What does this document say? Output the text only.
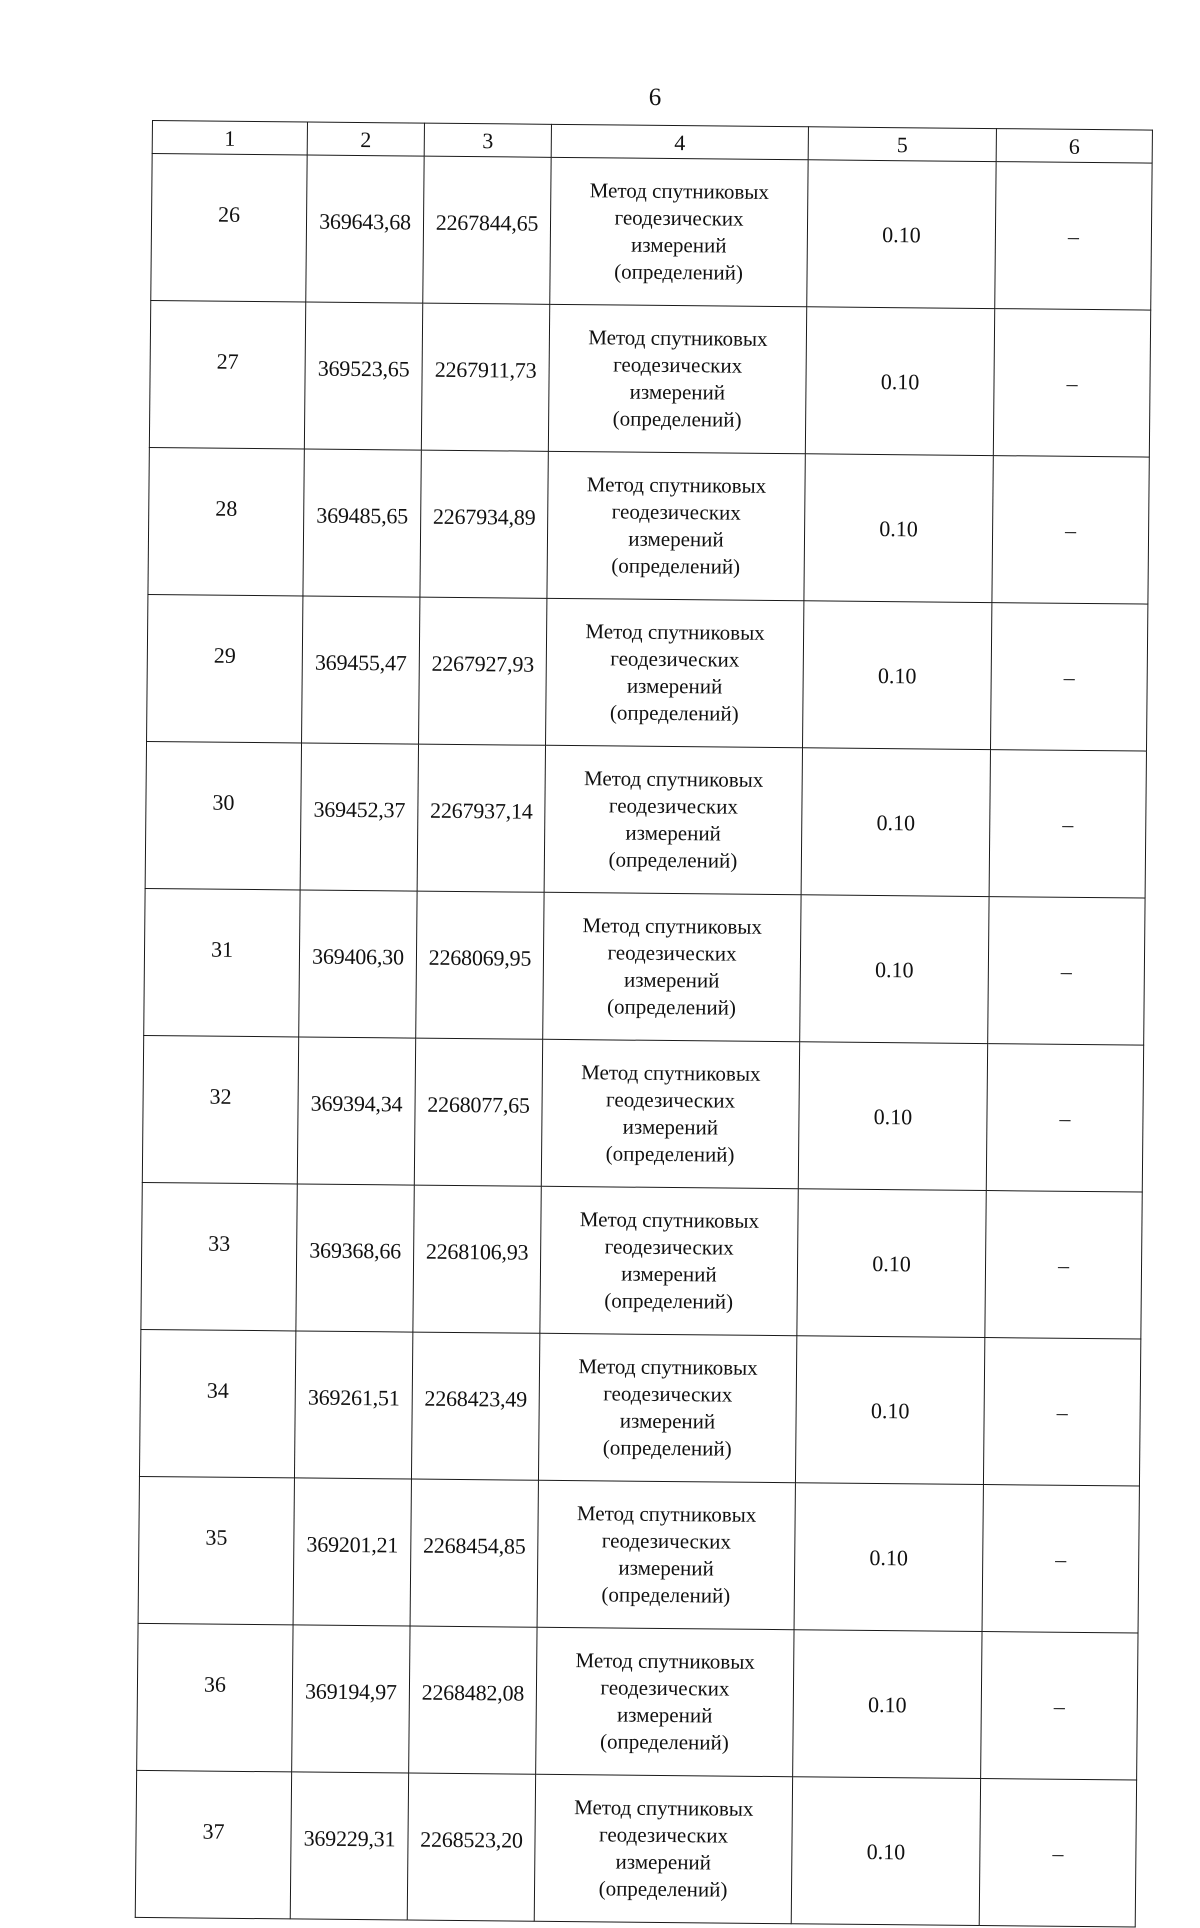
6
1	2	3	4	5	6
26	369643,68	2267844,65	Метод спутниковых
геодезических
измерений
(определений)	0.10	–
27	369523,65	2267911,73	Метод спутниковых
геодезических
измерений
(определений)	0.10	–
28	369485,65	2267934,89	Метод спутниковых
геодезических
измерений
(определений)	0.10	–
29	369455,47	2267927,93	Метод спутниковых
геодезических
измерений
(определений)	0.10	–
30	369452,37	2267937,14	Метод спутниковых
геодезических
измерений
(определений)	0.10	–
31	369406,30	2268069,95	Метод спутниковых
геодезических
измерений
(определений)	0.10	–
32	369394,34	2268077,65	Метод спутниковых
геодезических
измерений
(определений)	0.10	–
33	369368,66	2268106,93	Метод спутниковых
геодезических
измерений
(определений)	0.10	–
34	369261,51	2268423,49	Метод спутниковых
геодезических
измерений
(определений)	0.10	–
35	369201,21	2268454,85	Метод спутниковых
геодезических
измерений
(определений)	0.10	–
36	369194,97	2268482,08	Метод спутниковых
геодезических
измерений
(определений)	0.10	–
37	369229,31	2268523,20	Метод спутниковых
геодезических
измерений
(определений)	0.10	–
